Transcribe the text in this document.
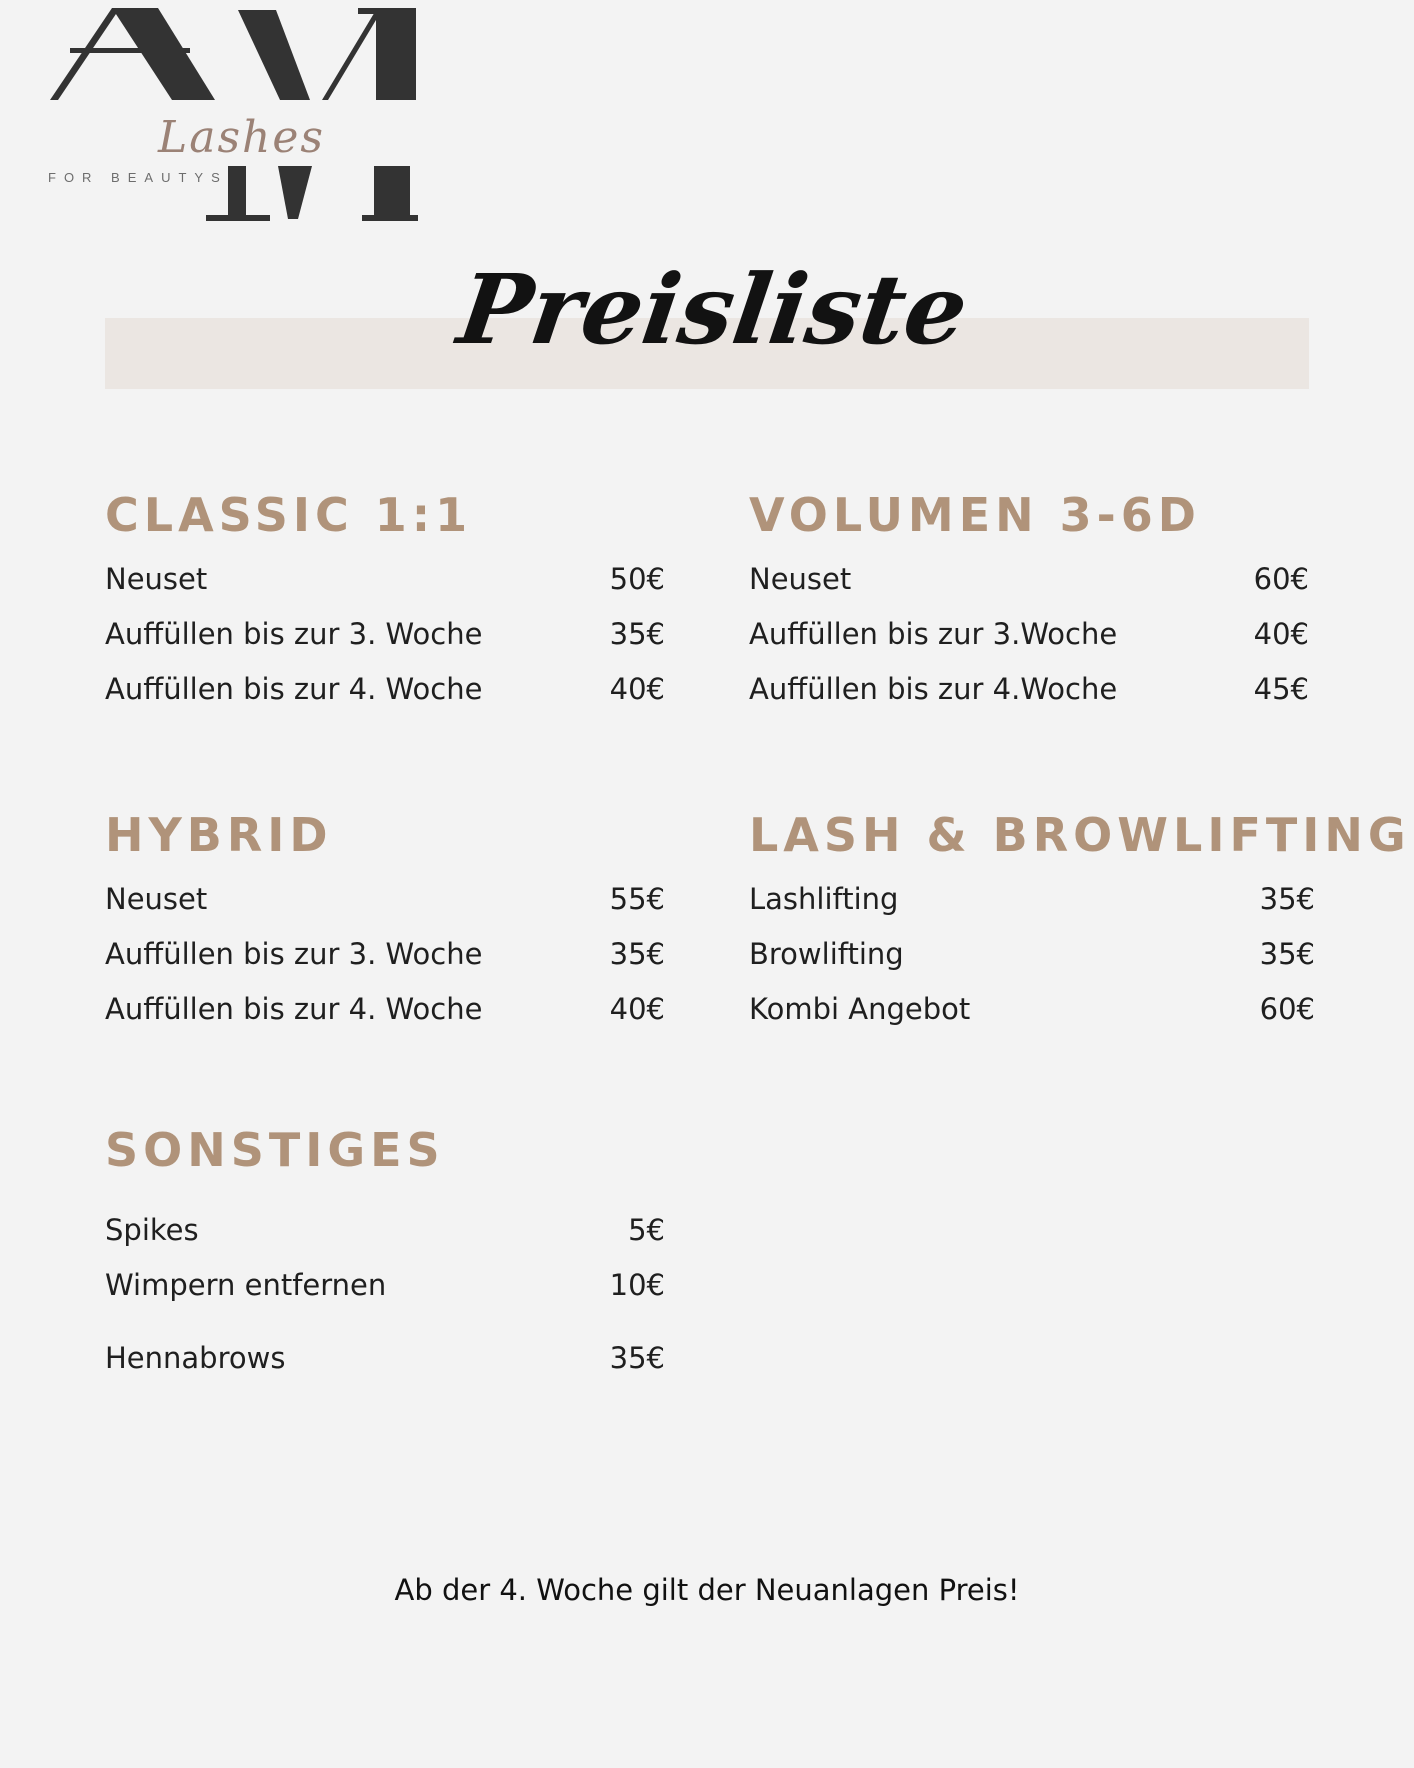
Lashes
FOR BEAUTYS
Preisliste
CLASSIC 1:1
Neuset	50€
Auffüllen bis zur 3. Woche	35€
Auffüllen bis zur 4. Woche	40€
VOLUMEN 3-6D
Neuset	60€
Auffüllen bis zur 3.Woche	40€
Auffüllen bis zur 4.Woche	45€
HYBRID
Neuset	55€
Auffüllen bis zur 3. Woche	35€
Auffüllen bis zur 4. Woche	40€
LASH & BROWLIFTING
Lashlifting	35€
Browlifting	35€
Kombi Angebot	60€
SONSTIGES
Spikes	5€
Wimpern entfernen	10€
Hennabrows	35€
Ab der 4. Woche gilt der Neuanlagen Preis!
